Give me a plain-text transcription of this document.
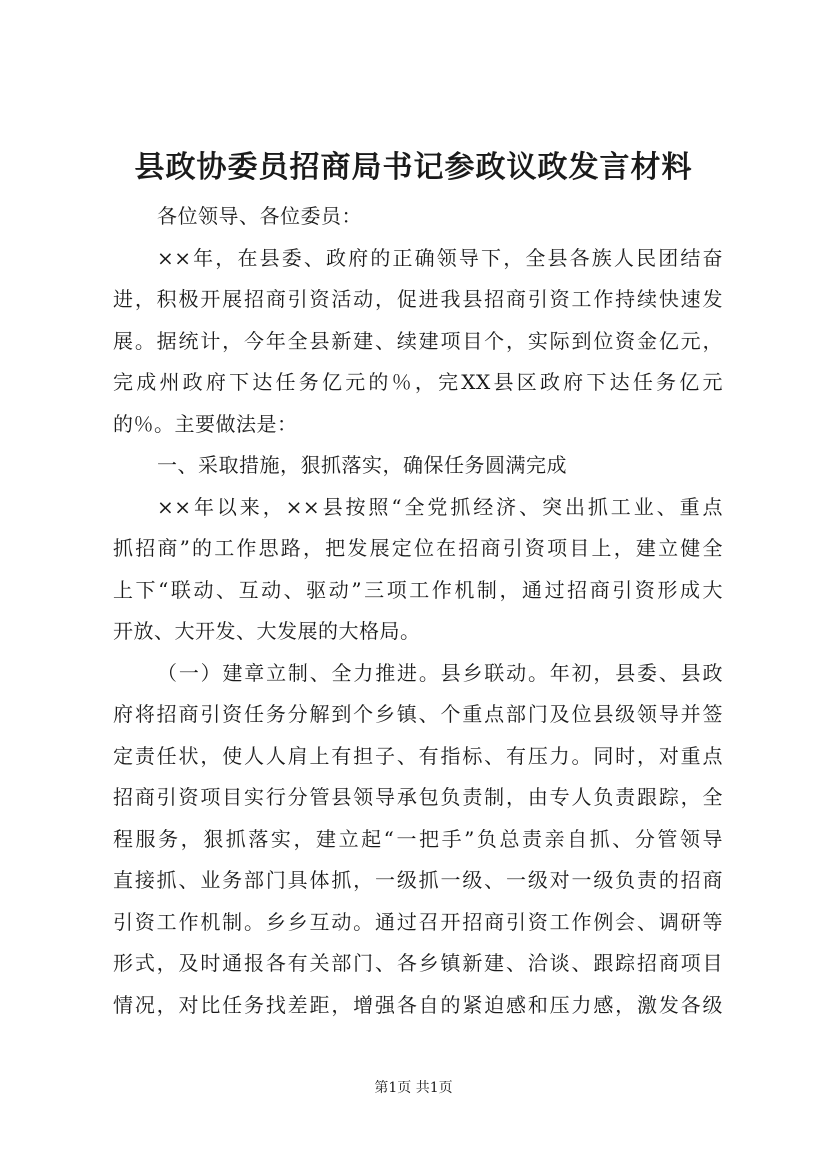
县政协委员招商局书记参政议政发言材料
各位领导、各位委员：
××年，在县委、政府的正确领导下，全县各族人民团结奋
进，积极开展招商引资活动，促进我县招商引资工作持续快速发
展。据统计，今年全县新建、续建项目个，实际到位资金亿元，
完成州政府下达任务亿元的％，完XX县区政府下达任务亿元
的％。主要做法是：
一、采取措施，狠抓落实，确保任务圆满完成
××年以来，××县按照“全党抓经济、突出抓工业、重点
抓招商”的工作思路，把发展定位在招商引资项目上，建立健全
上下“联动、互动、驱动”三项工作机制，通过招商引资形成大
开放、大开发、大发展的大格局。
（一）建章立制、全力推进。县乡联动。年初，县委、县政
府将招商引资任务分解到个乡镇、个重点部门及位县级领导并签
定责任状，使人人肩上有担子、有指标、有压力。同时，对重点
招商引资项目实行分管县领导承包负责制，由专人负责跟踪，全
程服务，狠抓落实，建立起“一把手”负总责亲自抓、分管领导
直接抓、业务部门具体抓，一级抓一级、一级对一级负责的招商
引资工作机制。乡乡互动。通过召开招商引资工作例会、调研等
形式，及时通报各有关部门、各乡镇新建、洽谈、跟踪招商项目
情况，对比任务找差距，增强各自的紧迫感和压力感，激发各级
第1页 共1页
